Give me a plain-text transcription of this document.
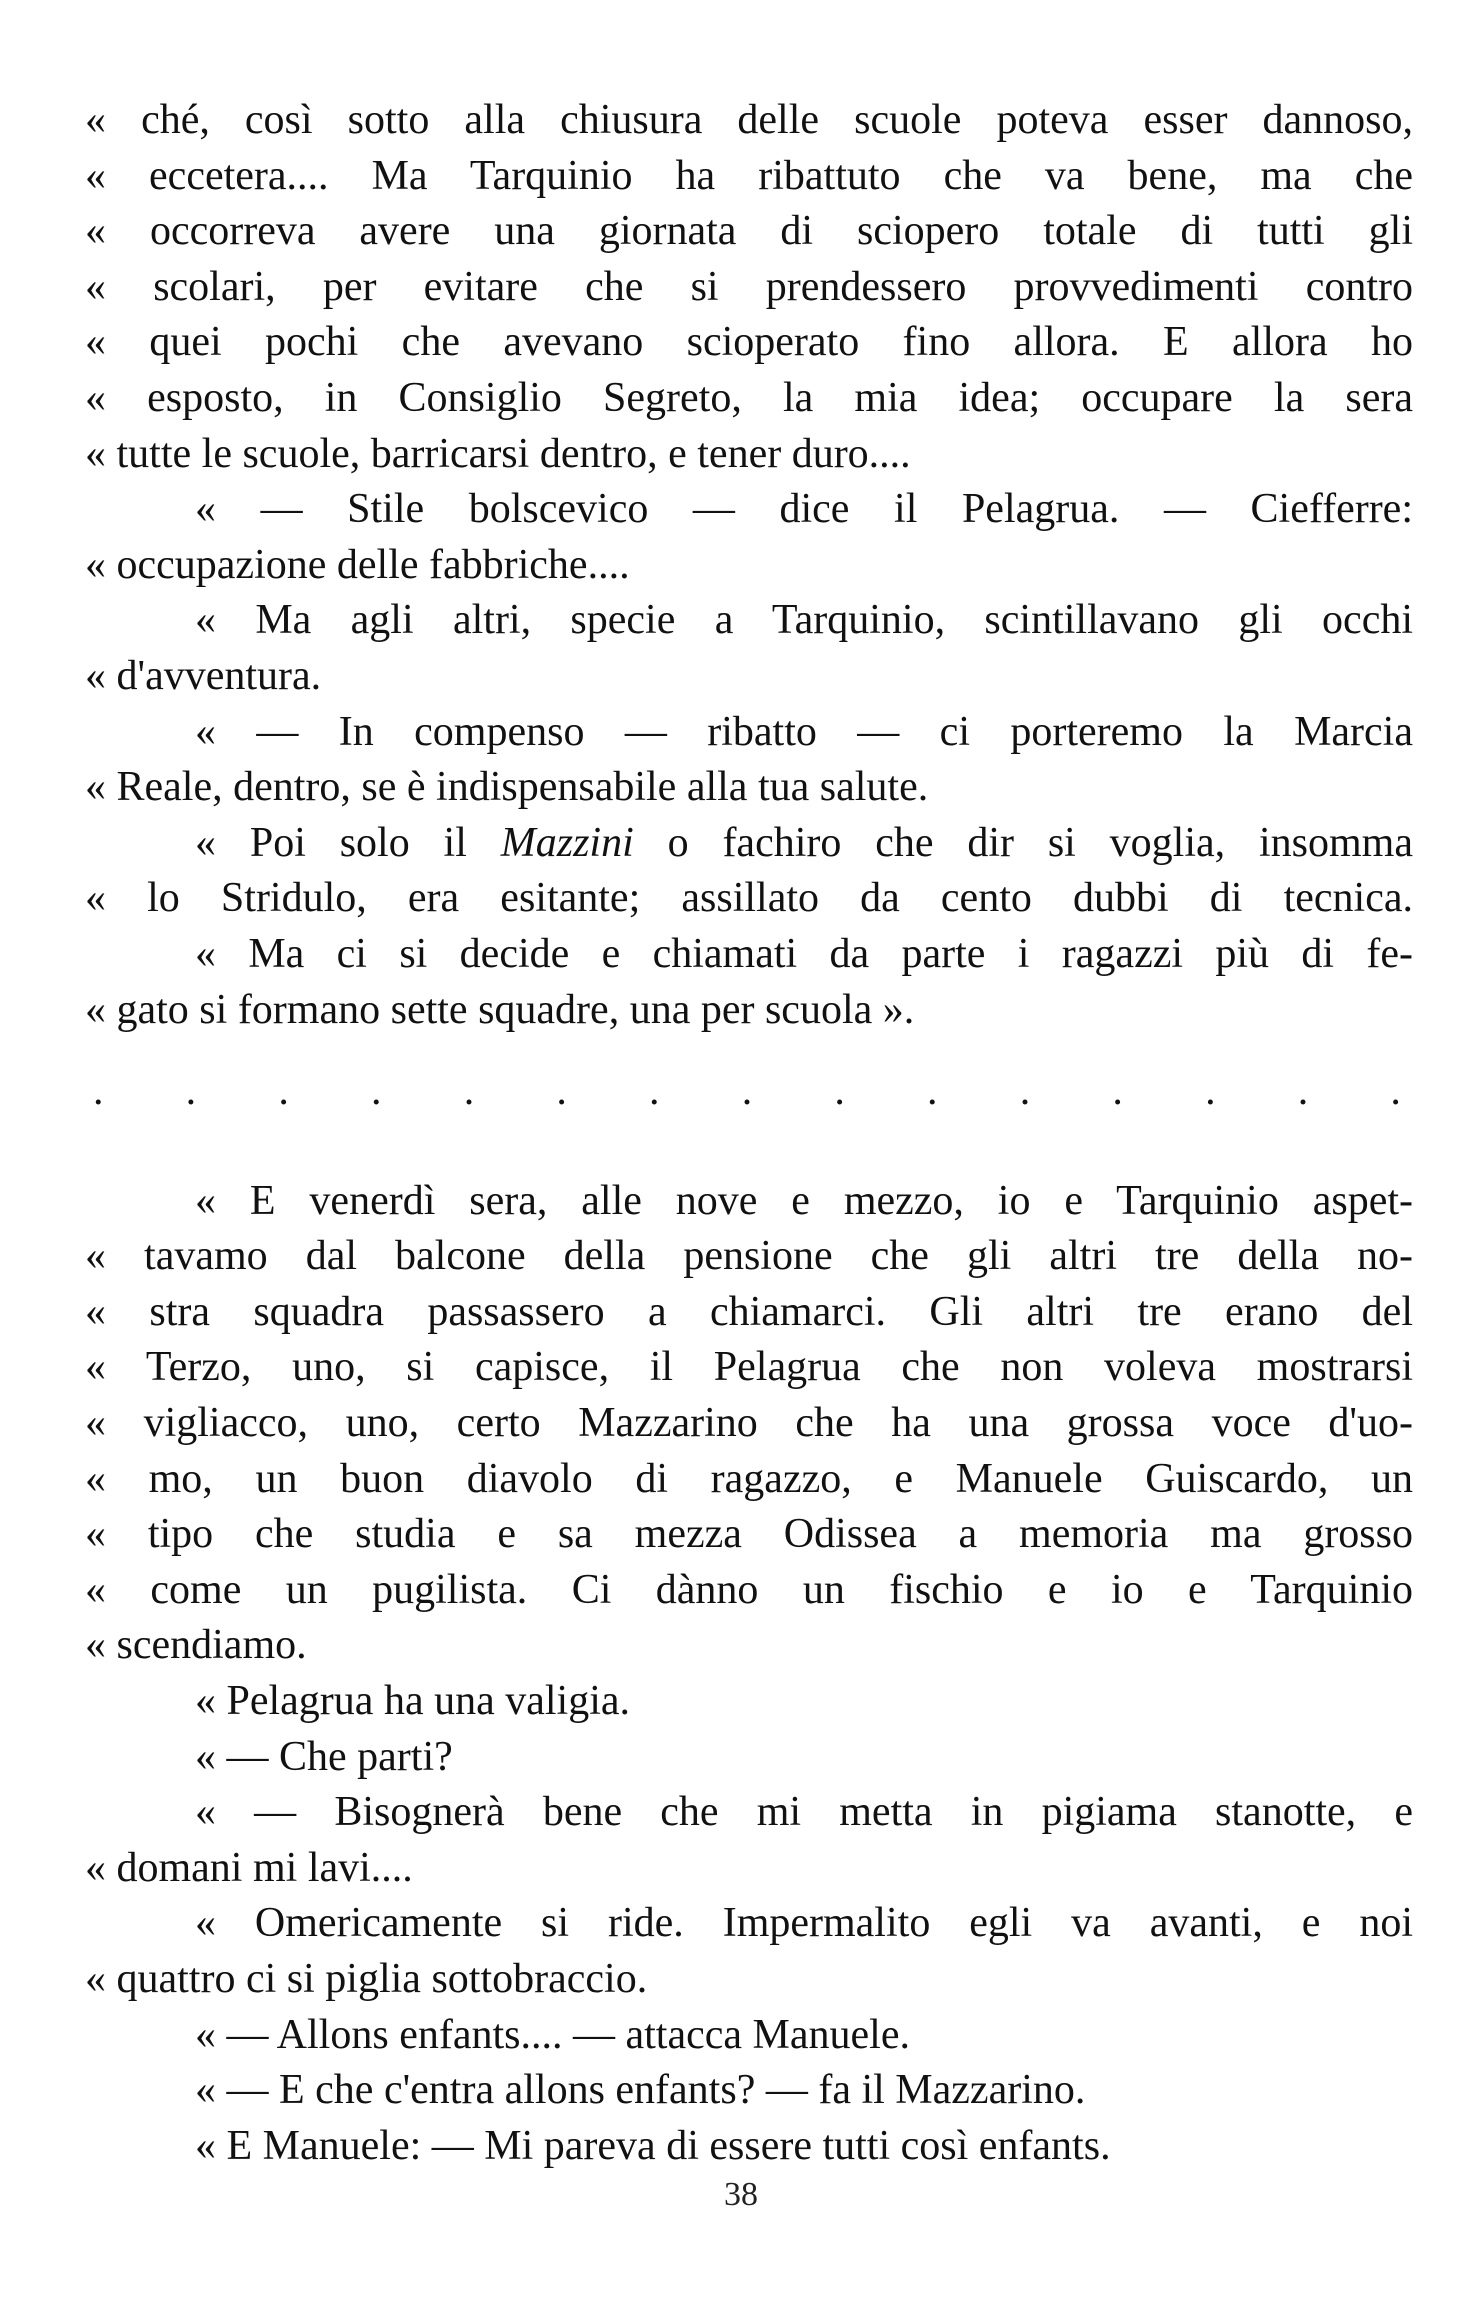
« ché, così sotto alla chiusura delle scuole poteva esser dannoso,
« eccetera.... Ma Tarquinio ha ribattuto che va bene, ma che
« occorreva avere una giornata di sciopero totale di tutti gli
« scolari, per evitare che si prendessero provvedimenti contro
« quei pochi che avevano scioperato fino allora. E allora ho
« esposto, in Consiglio Segreto, la mia idea; occupare la sera
« tutte le scuole, barricarsi dentro, e tener duro....
« — Stile bolscevico — dice il Pelagrua. — Ciefferre:
« occupazione delle fabbriche....
« Ma agli altri, specie a Tarquinio, scintillavano gli occhi
« d'avventura.
« — In compenso — ribatto — ci porteremo la Marcia
« Reale, dentro, se è indispensabile alla tua salute.
« Poi solo il Mazzini o fachiro che dir si voglia, insomma
« lo Stridulo, era esitante; assillato da cento dubbi di tecnica.
« Ma ci si decide e chiamati da parte i ragazzi più di fe-
« gato si formano sette squadre, una per scuola ».
. . . . . . . . . . . . . . .
« E venerdì sera, alle nove e mezzo, io e Tarquinio aspet-
« tavamo dal balcone della pensione che gli altri tre della no-
« stra squadra passassero a chiamarci. Gli altri tre erano del
« Terzo, uno, si capisce, il Pelagrua che non voleva mostrarsi
« vigliacco, uno, certo Mazzarino che ha una grossa voce d'uo-
« mo, un buon diavolo di ragazzo, e Manuele Guiscardo, un
« tipo che studia e sa mezza Odissea a memoria ma grosso
« come un pugilista. Ci dànno un fischio e io e Tarquinio
« scendiamo.
« Pelagrua ha una valigia.
« — Che parti?
« — Bisognerà bene che mi metta in pigiama stanotte, e
« domani mi lavi....
« Omericamente si ride. Impermalito egli va avanti, e noi
« quattro ci si piglia sottobraccio.
« — Allons enfants.... — attacca Manuele.
« — E che c'entra allons enfants? — fa il Mazzarino.
« E Manuele: — Mi pareva di essere tutti così enfants.
38
